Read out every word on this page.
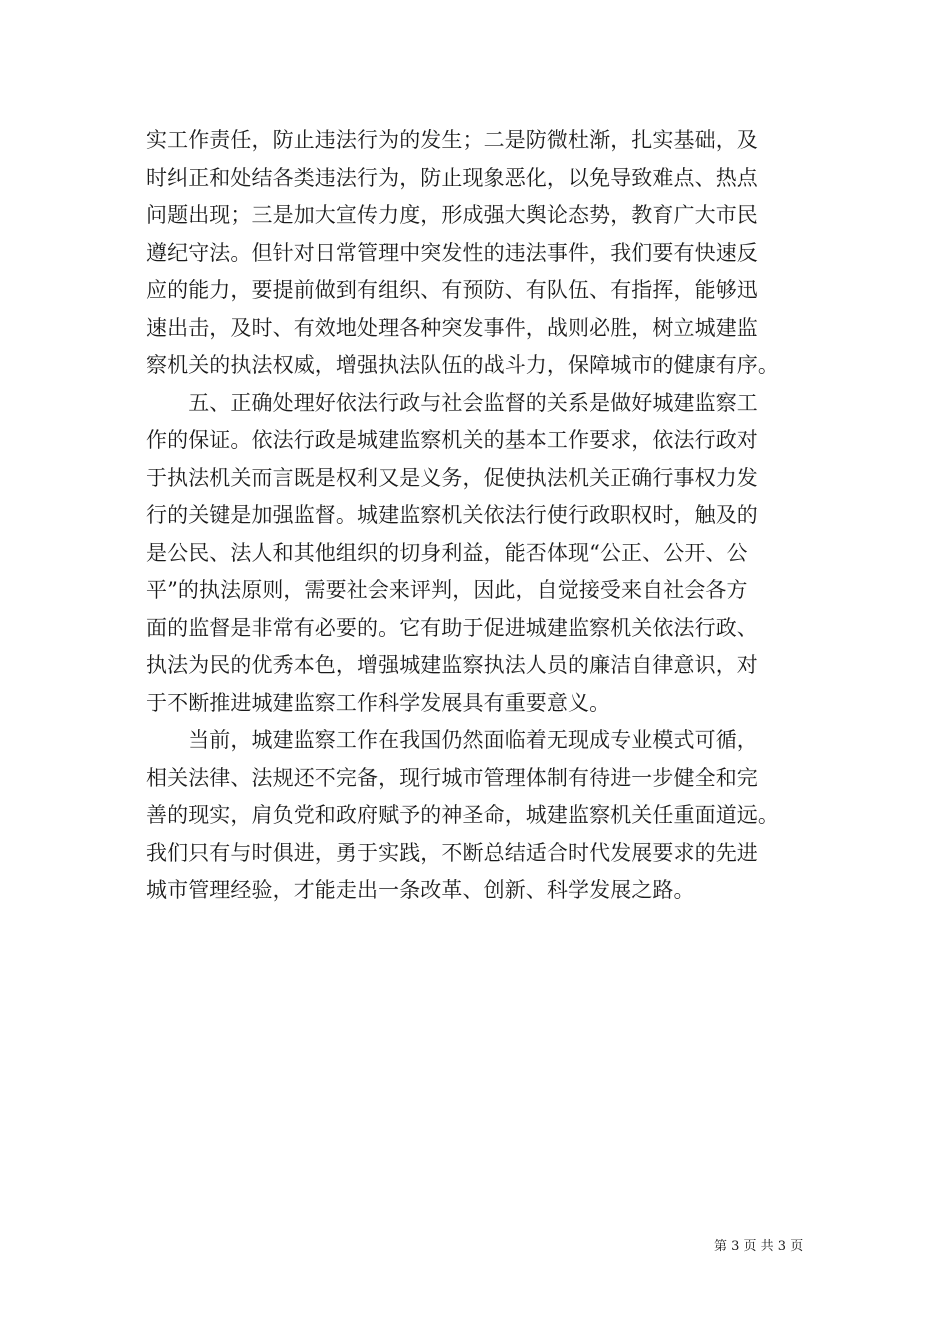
实工作责任，防止违法行为的发生；二是防微杜渐，扎实基础，及
时纠正和处结各类违法行为，防止现象恶化，以免导致难点、热点
问题出现；三是加大宣传力度，形成强大舆论态势，教育广大市民
遵纪守法。但针对日常管理中突发性的违法事件，我们要有快速反
应的能力，要提前做到有组织、有预防、有队伍、有指挥，能够迅
速出击，及时、有效地处理各种突发事件，战则必胜，树立城建监
察机关的执法权威，增强执法队伍的战斗力，保障城市的健康有序。
　　五、正确处理好依法行政与社会监督的关系是做好城建监察工
作的保证。依法行政是城建监察机关的基本工作要求，依法行政对
于执法机关而言既是权利又是义务，促使执法机关正确行事权力发
行的关键是加强监督。城建监察机关依法行使行政职权时，触及的
是公民、法人和其他组织的切身利益，能否体现“公正、公开、公
平”的执法原则，需要社会来评判，因此，自觉接受来自社会各方
面的监督是非常有必要的。它有助于促进城建监察机关依法行政、
执法为民的优秀本色，增强城建监察执法人员的廉洁自律意识，对
于不断推进城建监察工作科学发展具有重要意义。
　　当前，城建监察工作在我国仍然面临着无现成专业模式可循，
相关法律、法规还不完备，现行城市管理体制有待进一步健全和完
善的现实，肩负党和政府赋予的神圣命，城建监察机关任重面道远。
我们只有与时俱进，勇于实践，不断总结适合时代发展要求的先进
城市管理经验，才能走出一条改革、创新、科学发展之路。
第 3 页 共 3 页
